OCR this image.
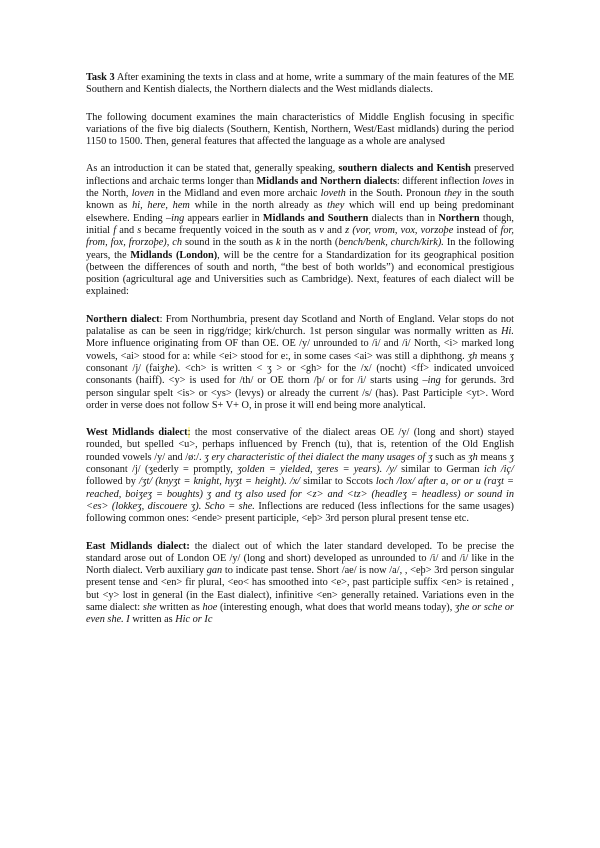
Task 3 After examining the texts in class and at home, write a summary of the main features of the ME Southern and Kentish dialects, the Northern dialects and the West midlands dialects.

The following document examines the main characteristics of Middle English focusing in specific variations of the five big dialects (Southern, Kentish, Northern, West/East midlands) during the period 1150 to 1500. Then, general features that affected the language as a whole are analysed

As an introduction it can be stated that, generally speaking, southern dialects and Kentish preserved inflections and archaic terms longer than Midlands and Northern dialects: different inflection loves in the North, loven in the Midland and even more archaic loveth in the South. Pronoun they in the south known as hi, here, hem while in the north already as they which will end up being predominant elsewhere. Ending –ing appears earlier in Midlands and Southern dialects than in Northern though, initial f and s became frequently voiced in the south as v and z (vor, vrom, vox, vorzoþe instead of for, from, fox, frorzoþe), ch sound in the south as k in the north (bench/benk, church/kirk). In the following years, the Midlands (London), will be the centre for a Standardization for its geographical position (between the differences of south and north, “the best of both worlds”) and economical prestigious position (agricultural age and Universities such as Cambridge). Next, features of each dialect will be explained:

Northern dialect: From Northumbria, present day Scotland and North of England. Velar stops do not palatalise as can be seen in rigg/ridge; kirk/church. 1st person singular was normally written as Hi. More influence originating from OF than OE. OE /y/ unrounded to /i/ and /i/ North, <i> marked long vowels, <ai> stood for a: while <ei> stood for e:, in some cases <ai> was still a diphthong. ʒh means ʒ consonant /j/ (faiʒhe). <ch> is written < ʒ > or <gh> for the /x/ (nocht) <ff> indicated unvoiced consonants (haiff). <y> is used for /th/ or OE thorn /þ/ or for /i/ starts using –ing for gerunds. 3rd person singular spelt <is> or <ys> (levys) or already the current /s/ (has). Past Participle <yt>. Word order in verse does not follow S+ V+ O, in prose it will end being more analytical.

West Midlands dialect: the most conservative of the dialect areas OE /y/ (long and short) stayed rounded, but spelled <u>, perhaps influenced by French (tu), that is, retention of the Old English rounded vowels /y/ and /ø:/. ʒ ery characteristic of thei dialect the many usages of ʒ such as ʒh means ʒ consonant /j/ (ʒederly = promptly, ʒolden = yielded, ʒeres = years). /y/ similar to German ich /iç/ followed by /ʒt/ (knyʒt = knight, hyʒt = height). /x/ similar to Sccots loch /lox/ after a, or or u (raʒt = reached, boiʒeʒ = boughts) ʒ and tʒ also used for <z> and <tz> (headleʒ = headless) or sound in <es> (lokkeʒ, discouere ʒ). Scho = she. Inflections are reduced (less inflections for the same usages) following common ones: <ende> present participle, <eþ> 3rd person plural present tense etc.

East Midlands dialect: the dialect out of which the later standard developed. To be precise the standard arose out of London OE /y/ (long and short) developed as unrounded to /i/ and /i/ like in the North dialect. Verb auxiliary gan to indicate past tense. Short /ae/ is now /a/, , <eþ> 3rd person singular present tense and <en> fir plural, <eo< has smoothed into <e>, past participle suffix <en> is retained , but <y> lost in general (in the East dialect), infinitive <en> generally retained. Variations even in the same dialect: she written as hoe (interesting enough, what does that world means today), ʒhe or sche or even she. I written as Hic or Ic
